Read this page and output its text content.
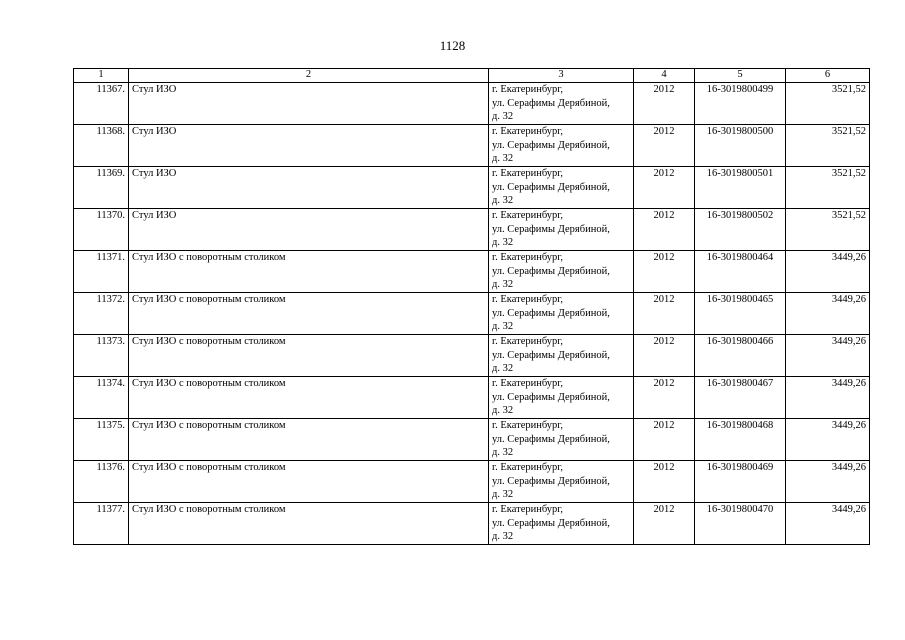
1128
1	2	3	4	5	6
11367.	Стул ИЗО	г. Екатеринбург,
ул. Серафимы Дерябиной,
д. 32	2012	16-3019800499	3521,52
11368.	Стул ИЗО	г. Екатеринбург,
ул. Серафимы Дерябиной,
д. 32	2012	16-3019800500	3521,52
11369.	Стул ИЗО	г. Екатеринбург,
ул. Серафимы Дерябиной,
д. 32	2012	16-3019800501	3521,52
11370.	Стул ИЗО	г. Екатеринбург,
ул. Серафимы Дерябиной,
д. 32	2012	16-3019800502	3521,52
11371.	Стул ИЗО с поворотным столиком	г. Екатеринбург,
ул. Серафимы Дерябиной,
д. 32	2012	16-3019800464	3449,26
11372.	Стул ИЗО с поворотным столиком	г. Екатеринбург,
ул. Серафимы Дерябиной,
д. 32	2012	16-3019800465	3449,26
11373.	Стул ИЗО с поворотным столиком	г. Екатеринбург,
ул. Серафимы Дерябиной,
д. 32	2012	16-3019800466	3449,26
11374.	Стул ИЗО с поворотным столиком	г. Екатеринбург,
ул. Серафимы Дерябиной,
д. 32	2012	16-3019800467	3449,26
11375.	Стул ИЗО с поворотным столиком	г. Екатеринбург,
ул. Серафимы Дерябиной,
д. 32	2012	16-3019800468	3449,26
11376.	Стул ИЗО с поворотным столиком	г. Екатеринбург,
ул. Серафимы Дерябиной,
д. 32	2012	16-3019800469	3449,26
11377.	Стул ИЗО с поворотным столиком	г. Екатеринбург,
ул. Серафимы Дерябиной,
д. 32	2012	16-3019800470	3449,26
